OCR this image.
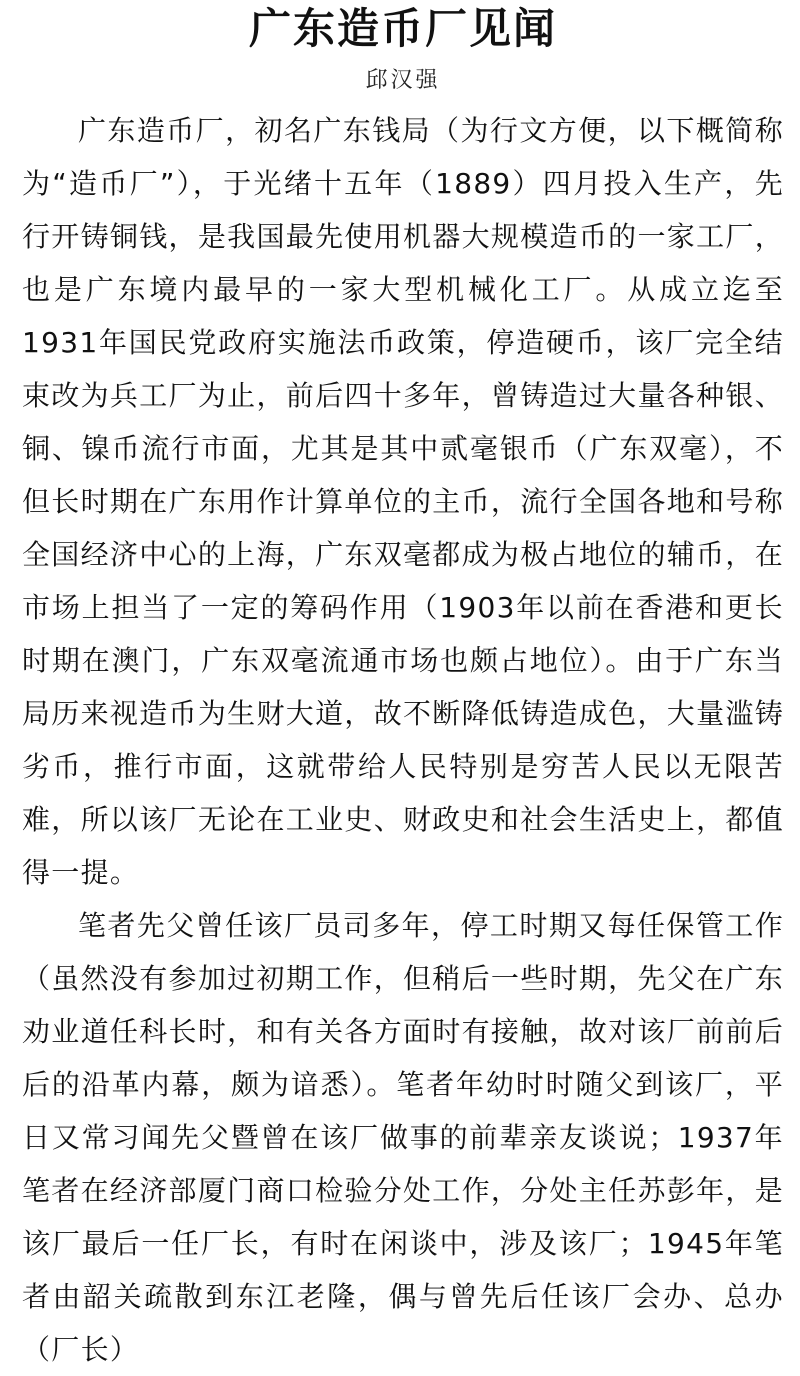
广东造币厂见闻
邱汉强

广东造币厂，初名广东钱局（为行文方便，以下概简称为“造币厂”），于光绪十五年（1889）四月投入生产，先行开铸铜钱，是我国最先使用机器大规模造币的一家工厂，也是广东境内最早的一家大型机械化工厂。从成立迄至1931年国民党政府实施法币政策，停造硬币，该厂完全结束改为兵工厂为止，前后四十多年，曾铸造过大量各种银、铜、镍币流行市面，尤其是其中贰毫银币（广东双毫），不但长时期在广东用作计算单位的主币，流行全国各地和号称全国经济中心的上海，广东双毫都成为极占地位的辅币，在市场上担当了一定的筹码作用（1903年以前在香港和更长时期在澳门，广东双毫流通市场也颇占地位）。由于广东当局历来视造币为生财大道，故不断降低铸造成色，大量滥铸劣币，推行市面，这就带给人民特别是穷苦人民以无限苦难，所以该厂无论在工业史、财政史和社会生活史上，都值得一提。

笔者先父曾任该厂员司多年，停工时期又每任保管工作（虽然没有参加过初期工作，但稍后一些时期，先父在广东劝业道任科长时，和有关各方面时有接触，故对该厂前前后后的沿革内幕，颇为谙悉）。笔者年幼时时随父到该厂，平日又常习闻先父暨曾在该厂做事的前辈亲友谈说；1937年笔者在经济部厦门商口检验分处工作，分处主任苏彭年，是该厂最后一任厂长，有时在闲谈中，涉及该厂；1945年笔者由韶关疏散到东江老隆，偶与曾先后任该厂会办、总办（厂长）
